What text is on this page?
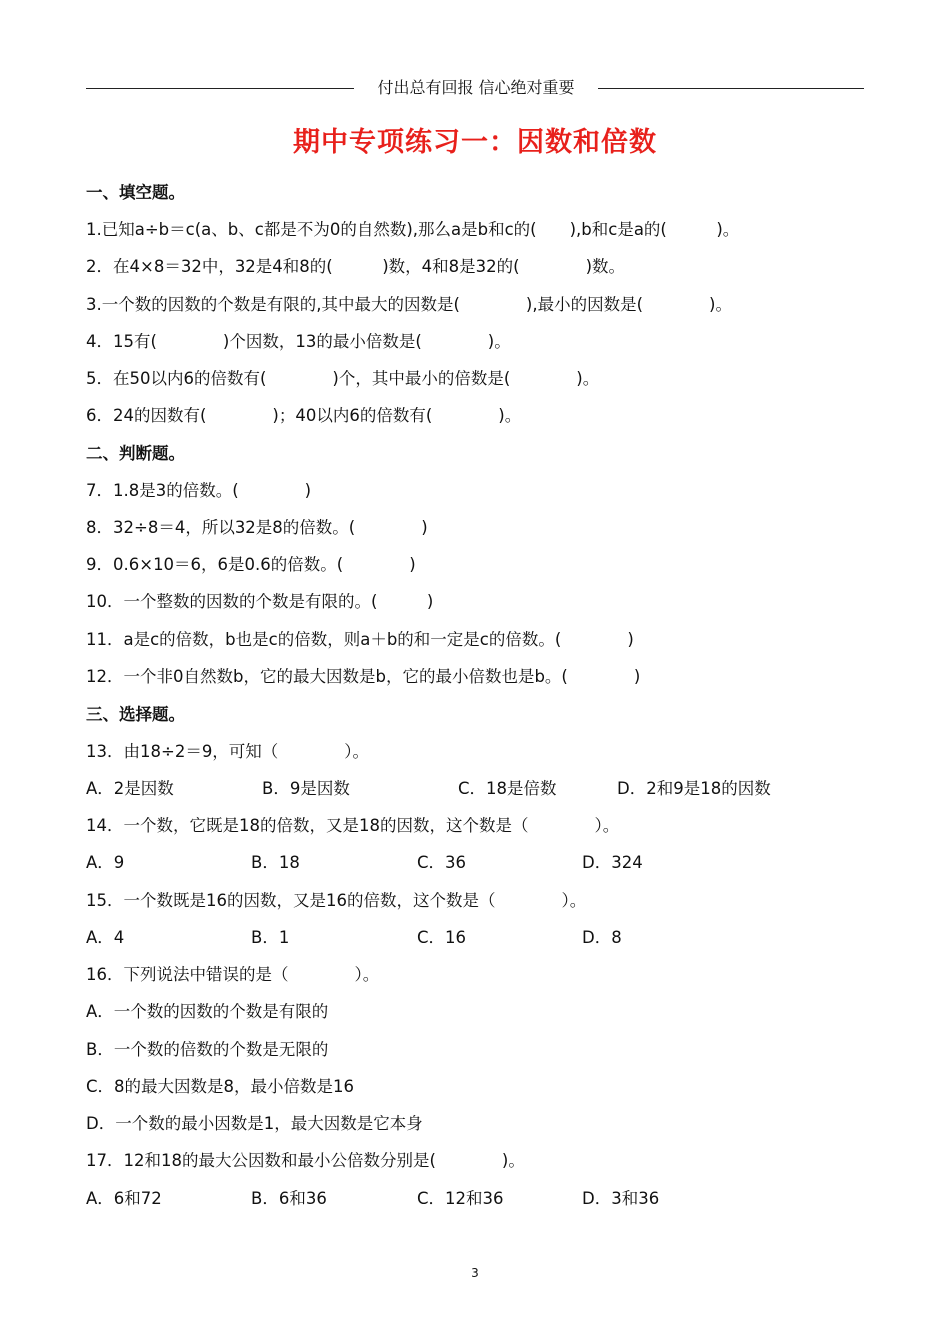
付出总有回报 信心绝对重要
期中专项练习一：因数和倍数
一、填空题。
1.已知a÷b＝c(a、b、c都是不为0的自然数),那么a是b和c的(　　),b和c是a的(　　　)。
2．在4×8＝32中，32是4和8的(　　　)数，4和8是32的(　　　　)数。
3.一个数的因数的个数是有限的,其中最大的因数是(　　　　),最小的因数是(　　　　)。
4．15有(　　　　)个因数，13的最小倍数是(　　　　)。
5．在50以内6的倍数有(　　　　)个，其中最小的倍数是(　　　　)。
6．24的因数有(　　　　)；40以内6的倍数有(　　　　)。
二、判断题。
7．1.8是3的倍数。(　　　　)
8．32÷8＝4，所以32是8的倍数。(　　　　)
9．0.6×10＝6，6是0.6的倍数。(　　　　)
10．一个整数的因数的个数是有限的。(　　　)
11．a是c的倍数，b也是c的倍数，则a＋b的和一定是c的倍数。(　　　　)
12．一个非0自然数b，它的最大因数是b，它的最小倍数也是b。(　　　　)
三、选择题。
13．由18÷2＝9，可知（　　　　）。
A．2是因数	B．9是因数	C．18是倍数	D．2和9是18的因数
14．一个数，它既是18的倍数，又是18的因数，这个数是（　　　　）。
A．9	B．18	C．36	D．324
15．一个数既是16的因数，又是16的倍数，这个数是（　　　　）。
A．4	B．1	C．16	D．8
16．下列说法中错误的是（　　　　）。
A．一个数的因数的个数是有限的
B．一个数的倍数的个数是无限的
C．8的最大因数是8，最小倍数是16
D．一个数的最小因数是1，最大因数是它本身
17．12和18的最大公因数和最小公倍数分别是(　　　　)。
A．6和72	B．6和36	C．12和36	D．3和36
3
